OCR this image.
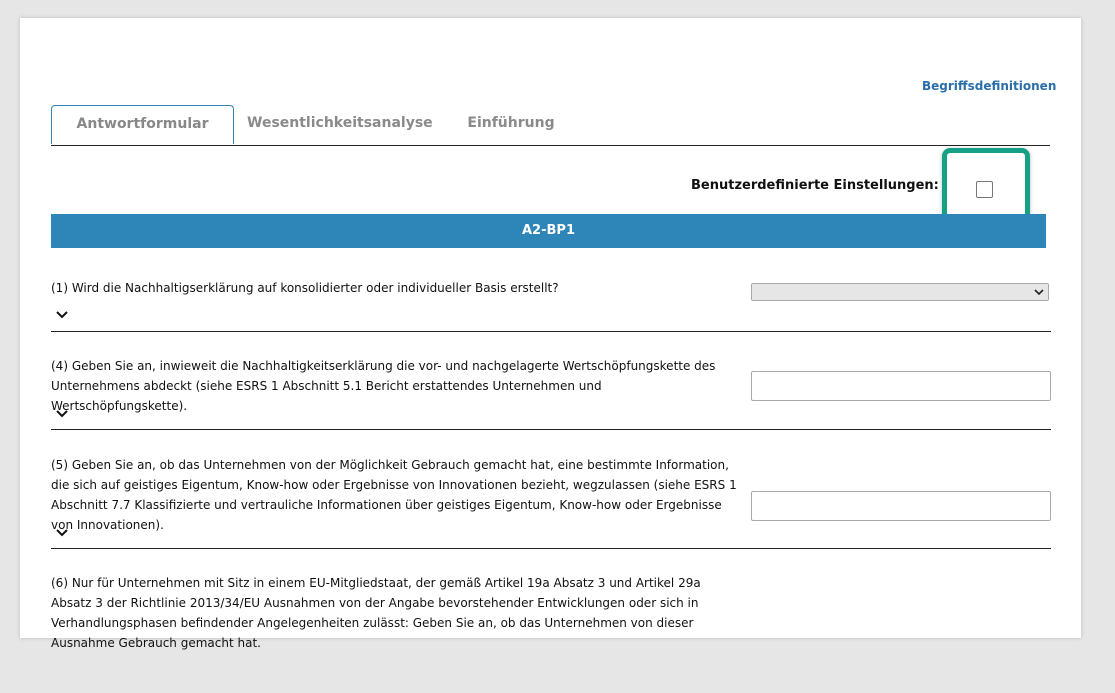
Begriffsdefinitionen
Antwortformular	Wesentlichkeitsanalyse	Einführung
Benutzerdefinierte Einstellungen:
A2-BP1
(1) Wird die Nachhaltigserklärung auf konsolidierter oder individueller Basis erstellt?
(4) Geben Sie an, inwieweit die Nachhaltigkeitserklärung die vor- und nachgelagerte Wertschöpfungskette des Unternehmens abdeckt (siehe ESRS 1 Abschnitt 5.1 Bericht erstattendes Unternehmen und Wertschöpfungskette).
(5) Geben Sie an, ob das Unternehmen von der Möglichkeit Gebrauch gemacht hat, eine bestimmte Information, die sich auf geistiges Eigentum, Know-how oder Ergebnisse von Innovationen bezieht, wegzulassen (siehe ESRS 1 Abschnitt 7.7 Klassifizierte und vertrauliche Informationen über geistiges Eigentum, Know-how oder Ergebnisse von Innovationen).
(6) Nur für Unternehmen mit Sitz in einem EU-Mitgliedstaat, der gemäß Artikel 19a Absatz 3 und Artikel 29a Absatz 3 der Richtlinie 2013/34/EU Ausnahmen von der Angabe bevorstehender Entwicklungen oder sich in Verhandlungsphasen befindender Angelegenheiten zulässt: Geben Sie an, ob das Unternehmen von dieser Ausnahme Gebrauch gemacht hat.
